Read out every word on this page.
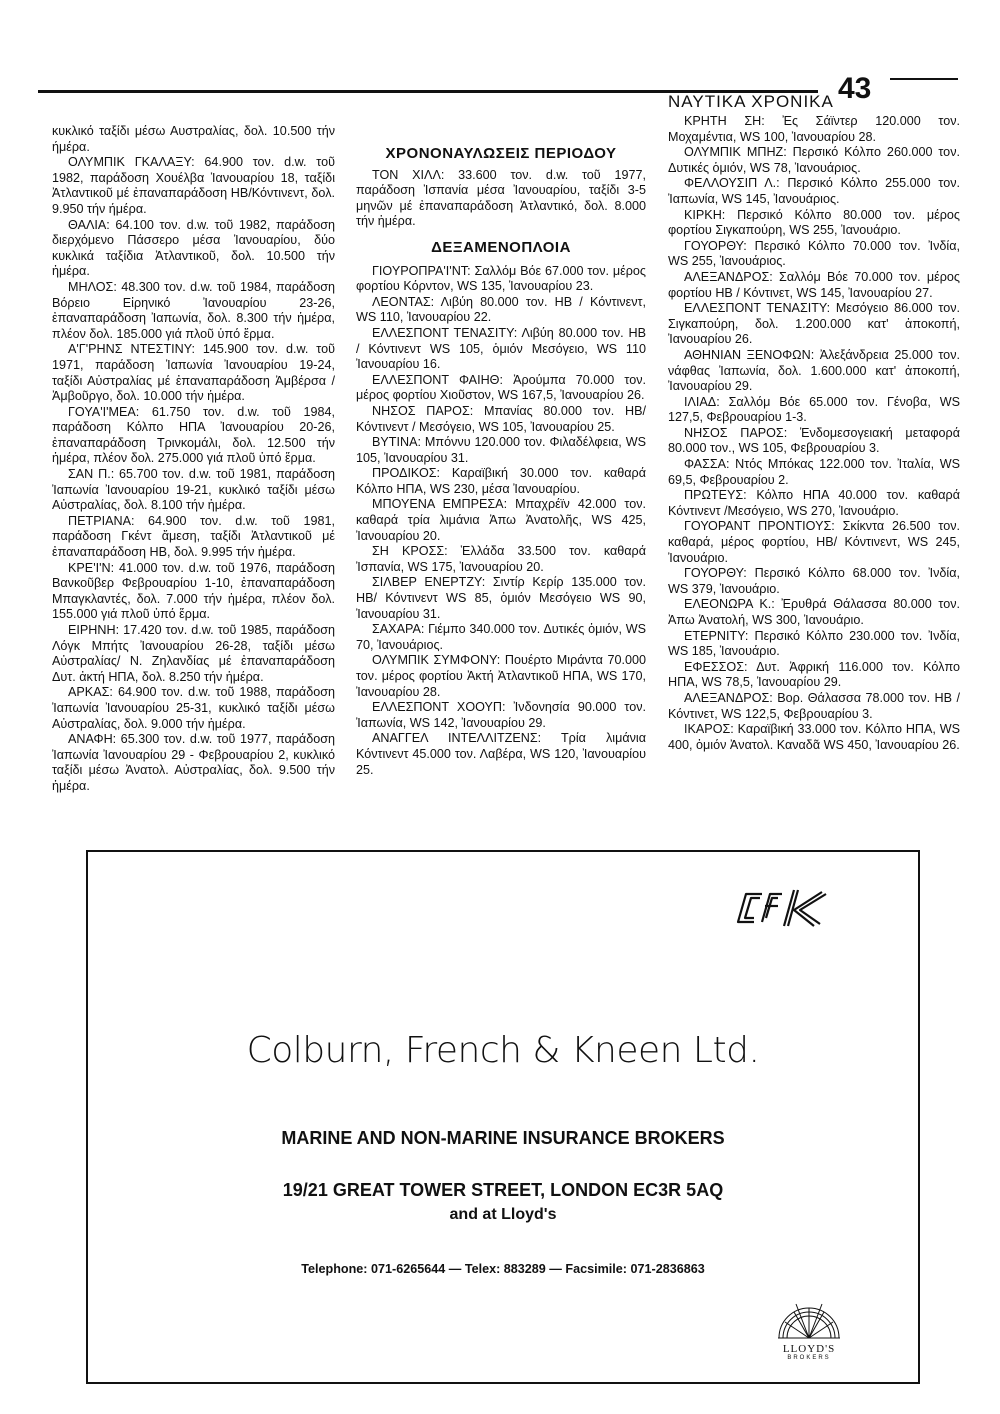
ΝΑΥΤΙΚΑ ΧΡΟΝΙΚΑ 43

κυκλικό ταξίδι μέσω Αυστραλίας, δολ. 10.500 τήν ήμέρα.

ΟΛΥΜΠΙΚ ΓΚΑΛΑΞΥ: 64.900 τον. d.w. τοῦ 1982, παράδοση Χουέλβα Ἰανουαρίου 18, ταξίδι Ἀτλαντικοῦ μέ ἐπαναπαράδοση ΗΒ/Κόντινεντ, δολ. 9.950 τήν ήμέρα.

ΘΑΛΙΑ: 64.100 τον. d.w. τοῦ 1982, παράδοση διερχόμενο Πάσσερο μέσα Ἰανουαρίου, δύο κυκλικά ταξίδια Ἀτλαντικοῦ, δολ. 10.500 τήν ἡμέρα.

ΜΗΛΟΣ: 48.300 τον. d.w. τοῦ 1984, παράδοση Βόρειο Εἰρηνικό Ἰανουαρίου 23-26, ἐπαναπαράδοση Ἰαπωνία, δολ. 8.300 τήν ἡμέρα, πλέον δολ. 185.000 γιά πλοῦ ὑπό ἕρμα.

Α'Γ'ΡΗΝΣ ΝΤΕΣΤΙΝΥ: 145.900 τον. d.w. τοῦ 1971, παράδοση Ἰαπωνία Ἰανουαρίου 19-24, ταξίδι Αὐστραλίας μέ ἐπαναπαράδοση Ἀμβέρσα / Ἀμβοῦργο, δολ. 10.000 τήν ἡμέρα.

ΓΟΥΑ'Ι'ΜΕΑ: 61.750 τον. d.w. τοῦ 1984, παράδοση Κόλπο ΗΠΑ Ἰανουαρίου 20-26, ἐπαναπαράδοση Τρινκομάλι, δολ. 12.500 τήν ἡμέρα, πλέον δολ. 275.000 γιά πλοῦ ὑπό ἕρμα.

ΣΑΝ Π.: 65.700 τον. d.w. τοῦ 1981, παράδοση Ἰαπωνία Ἰανουαρίου 19-21, κυκλικό ταξίδι μέσω Αὐστραλίας, δολ. 8.100 τήν ἡμέρα.

ΠΕΤΡΙΑΝΑ: 64.900 τον. d.w. τοῦ 1981, παράδοση Γκέντ ἄμεση, ταξίδι Ἀτλαντικοῦ μέ ἐπαναπαράδοση ΗΒ, δολ. 9.995 τήν ἡμέρα.

ΚΡΕ'Ι'Ν: 41.000 τον. d.w. τοῦ 1976, παράδοση Βανκοῦβερ Φεβρουαρίου 1-10, ἐπαναπαράδοση Μπαγκλαντές, δολ. 7.000 τήν ἡμέρα, πλέον δολ. 155.000 γιά πλοῦ ὑπό ἕρμα.

ΕΙΡΗΝΗ: 17.420 τον. d.w. τοῦ 1985, παράδοση Λόγκ Μπήτς Ἰανουαρίου 26-28, ταξίδι μέσω Αὐστραλίας/ Ν. Ζηλανδίας μέ ἐπαναπαράδοση Δυτ. ἀκτή ΗΠΑ, δολ. 8.250 τήν ἡμέρα.

ΑΡΚΑΣ: 64.900 τον. d.w. τοῦ 1988, παράδοση Ἰαπωνία Ἰανουαρίου 25-31, κυκλικό ταξίδι μέσω Αὐστραλίας, δολ. 9.000 τήν ἡμέρα.

ΑΝΑΦΗ: 65.300 τον. d.w. τοῦ 1977, παράδοση Ἰαπωνία Ἰανουαρίου 29 - Φεβρουαρίου 2, κυκλικό ταξίδι μέσω Ἀνατολ. Αὐστραλίας, δολ. 9.500 τήν ἡμέρα.

ΧΡΟΝΟΝΑΥΛΩΣΕΙΣ ΠΕΡΙΟΔΟΥ

ΤΟΝ ΧΙΛΛ: 33.600 τον. d.w. τοῦ 1977, παράδοση Ἰσπανία μέσα Ἰανουαρίου, ταξίδι 3-5 μηνῶν μέ ἐπαναπαράδοση Ἀτλαντικό, δολ. 8.000 τήν ἡμέρα.

ΔΕΞΑΜΕΝΟΠΛΟΙΑ

ΓΙΟΥΡΟΠΡΑ'Ι'ΝΤ: Σαλλόμ Βόε 67.000 τον. μέρος φορτίου Κόρντον, WS 135, Ἰανουαρίου 23.

ΛΕΟΝΤΑΣ: Λιβύη 80.000 τον. ΗΒ / Κόντινεντ, WS 110, Ἰανουαρίου 22.

ΕΛΛΕΣΠΟΝΤ ΤΕΝΑΣΙΤΥ: Λιβύη 80.000 τον. ΗΒ / Κόντινεντ WS 105, ὁμιόν Μεσόγειο, WS 110 Ἰανουαρίου 16.

ΕΛΛΕΣΠΟΝΤ ΦΑΙΗΘ: Ἀρούμπα 70.000 τον. μέρος φορτίου Χιοῦστον, WS 167,5, Ἰανουαρίου 26.

ΝΗΣΟΣ ΠΑΡΟΣ: Μπανίας 80.000 τον. ΗΒ/Κόντινεντ / Μεσόγειο, WS 105, Ἰανουαρίου 25.

ΒΥΤΙΝΑ: Μπόννυ 120.000 τον. Φιλαδέλφεια, WS 105, Ἰανουαρίου 31.

ΠΡΟΔΙΚΟΣ: Καραϊβική 30.000 τον. καθαρά Κόλπο ΗΠΑ, WS 230, μέσα Ἰανουαρίου.

ΜΠΟΥΕΝΑ ΕΜΠΡΕΣΑ: Μπαχρέϊν 42.000 τον. καθαρά τρία λιμάνια Ἀπω Ἀνατολῆς, WS 425, Ἰανουαρίου 20.

ΣΗ ΚΡΟΣΣ: Ἑλλάδα 33.500 τον. καθαρά Ἰσπανία, WS 175, Ἰανουαρίου 20.

ΣΙΛΒΕΡ ΕΝΕΡΤΖΥ: Σιντίρ Κερίρ 135.000 τον. ΗΒ/ Κόντινεντ WS 85, ὁμιόν Μεσόγειο WS 90, Ἰανουαρίου 31.

ΣΑΧΑΡΑ: Γιέμπο 340.000 τον. Δυτικές ὁμιόν, WS 70, Ἰανουάριος.

ΟΛΥΜΠΙΚ ΣΥΜΦΟΝΥ: Πουέρτο Μιράντα 70.000 τον. μέρος φορτίου Ἀκτή Ἀτλαντικοῦ ΗΠΑ, WS 170, Ἰανουαρίου 28.

ΕΛΛΕΣΠΟΝΤ ΧΟΟΥΠ: Ἰνδονησία 90.000 τον. Ἰαπωνία, WS 142, Ἰανουαρίου 29.

ΑΝΑΓΓΕΛ ΙΝΤΕΛΛΙΤΖΕΝΣ: Τρία λιμάνια Κόντινεντ 45.000 τον. Λαβέρα, WS 120, Ἰανουαρίου 25.

ΚΡΗΤΗ ΣΗ: Ἐς Σάϊντερ 120.000 τον. Μοχαμέντια, WS 100, Ἰανουαρίου 28.

ΟΛΥΜΠΙΚ ΜΠΗΖ: Περσικό Κόλπο 260.000 τον. Δυτικές ὁμιόν, WS 78, Ἰανουάριος.

ΦΕΛΛΟΥΣΙΠ Λ.: Περσικό Κόλπο 255.000 τον. Ἰαπωνία, WS 145, Ἰανουάριος.

ΚΙΡΚΗ: Περσικό Κόλπο 80.000 τον. μέρος φορτίου Σιγκαπούρη, WS 255, Ἰανουάριο.

ΓΟΥΟΡΘΥ: Περσικό Κόλπο 70.000 τον. Ἰνδία, WS 255, Ἰανουάριος.

ΑΛΕΞΑΝΔΡΟΣ: Σαλλόμ Βόε 70.000 τον. μέρος φορτίου ΗΒ / Κόντινετ, WS 145, Ἰανουαρίου 27.

ΕΛΛΕΣΠΟΝΤ ΤΕΝΑΣΙΤΥ: Μεσόγειο 86.000 τον. Σιγκαπούρη, δολ. 1.200.000 κατ' ἀποκοπή, Ἰανουαρίου 26.

ΑΘΗΝΙΑΝ ΞΕΝΟΦΩΝ: Ἀλεξάνδρεια 25.000 τον. νάφθας Ἰαπωνία, δολ. 1.600.000 κατ' ἀποκοπή, Ἰανουαρίου 29.

ΙΛΙΑΔ: Σαλλόμ Βόε 65.000 τον. Γένοβα, WS 127,5, Φεβρουαρίου 1-3.

ΝΗΣΟΣ ΠΑΡΟΣ: Ἐνδομεσογειακή μεταφορά 80.000 τον., WS 105, Φεβρουαρίου 3.

ΦΑΣΣΑ: Ντός Μπόκας 122.000 τον. Ἰταλία, WS 69,5, Φεβρουαρίου 2.

ΠΡΩΤΕΥΣ: Κόλπο ΗΠΑ 40.000 τον. καθαρά Κόντινεντ /Μεσόγειο, WS 270, Ἰανουάριο.

ΓΟΥΟΡΑΝΤ ΠΡΟΝΤΙΟΥΣ: Σκίκντα 26.500 τον. καθαρά, μέρος φορτίου, ΗΒ/ Κόντινεντ, WS 245, Ἰανουάριο.

ΓΟΥΟΡΘΥ: Περσικό Κόλπο 68.000 τον. Ἰνδία, WS 379, Ἰανουάριο.

ΕΛΕΟΝΩΡΑ Κ.: Ἐρυθρά Θάλασσα 80.000 τον. Ἀπω Ἀνατολή, WS 300, Ἰανουάριο.

ΕΤΕΡΝΙΤΥ: Περσικό Κόλπο 230.000 τον. Ἰνδία, WS 185, Ἰανουάριο.

ΕΦΕΣΣΟΣ: Δυτ. Ἀφρική 116.000 τον. Κόλπο ΗΠΑ, WS 78,5, Ἰανουαρίου 29.

ΑΛΕΞΑΝΔΡΟΣ: Βορ. Θάλασσα 78.000 τον. ΗΒ / Κόντινετ, WS 122,5, Φεβρουαρίου 3.

ΙΚΑΡΟΣ: Καραϊβική 33.000 τον. Κόλπο ΗΠΑ, WS 400, ὁμιόν Ἀνατολ. Καναδᾶ WS 450, Ἰανουαρίου 26.

Colburn, French & Kneen Ltd.
MARINE AND NON-MARINE INSURANCE BROKERS
19/21 GREAT TOWER STREET, LONDON EC3R 5AQ
and at Lloyd's
Telephone: 071-6265644 — Telex: 883289 — Facsimile: 071-2836863
LLOYD'S
BROKERS
